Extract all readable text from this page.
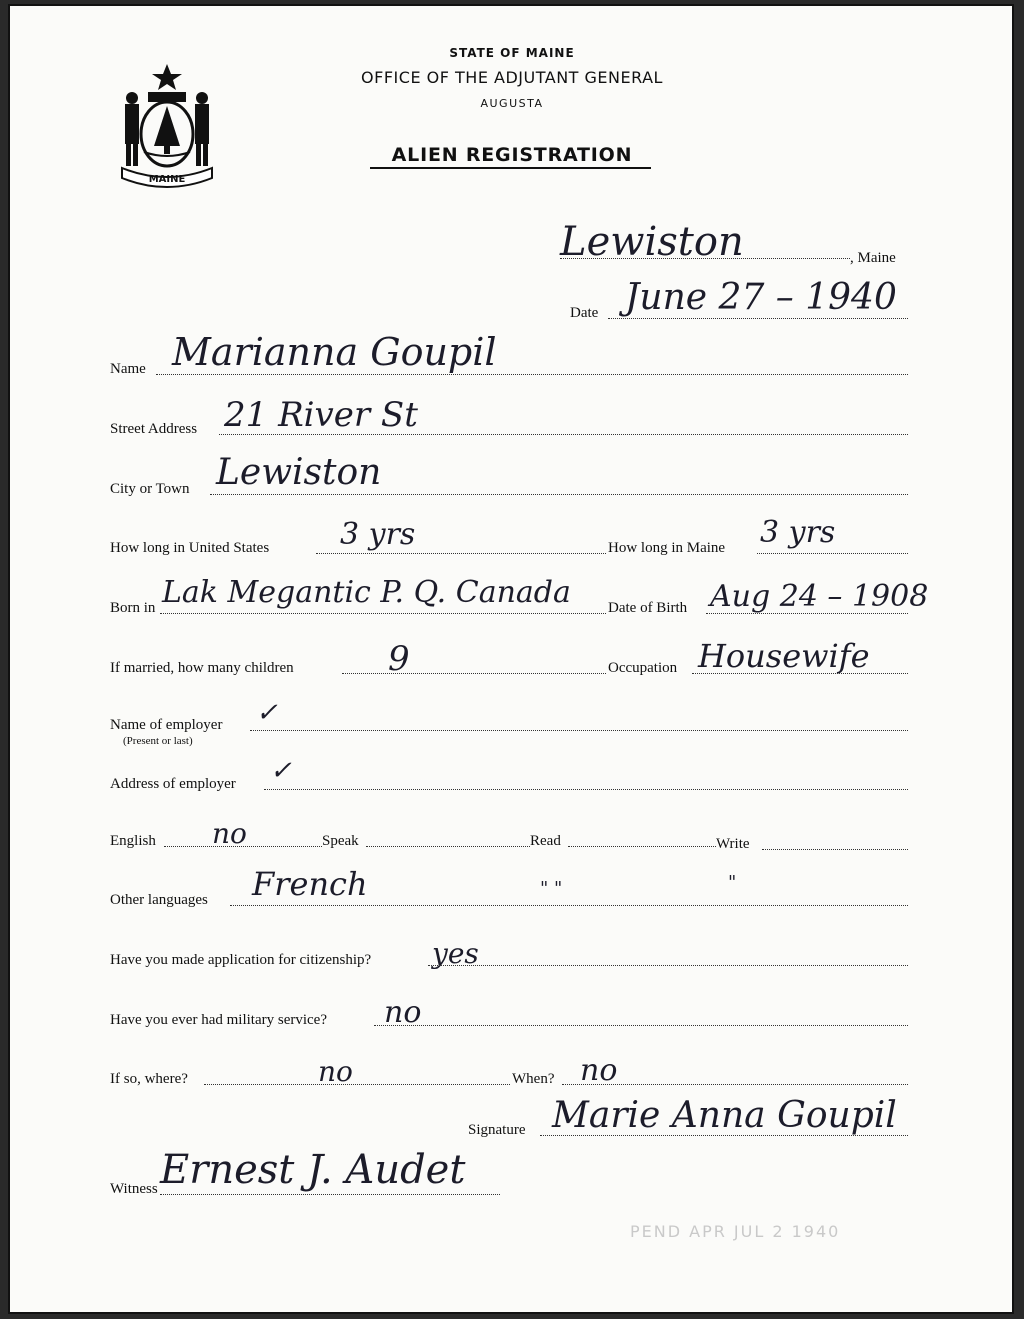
MAINE
STATE OF MAINE
OFFICE OF THE ADJUTANT GENERAL
AUGUSTA
ALIEN REGISTRATION
Lewiston	, Maine
Date June 27 – 1940
Name Marianna Goupil
Street Address 21 River St
City or Town Lewiston
How long in United States 3 yrs	How long in Maine 3 yrs
Born in Lak Megantic P. Q. Canada Date of Birth Aug 24 – 1908
If married, how many children	9	Occupation Housewife
Name of employer
(Present or last)
✓
Address of employer ✓
English no	Speak	Read	Write
Other languages French	" "	"
Have you made application for citizenship? yes
Have you ever had military service? no
If so, where?	no	When? no
Signature Marie Anna Goupil
Witness Ernest J. Audet
PEND APR JUL 2 1940
